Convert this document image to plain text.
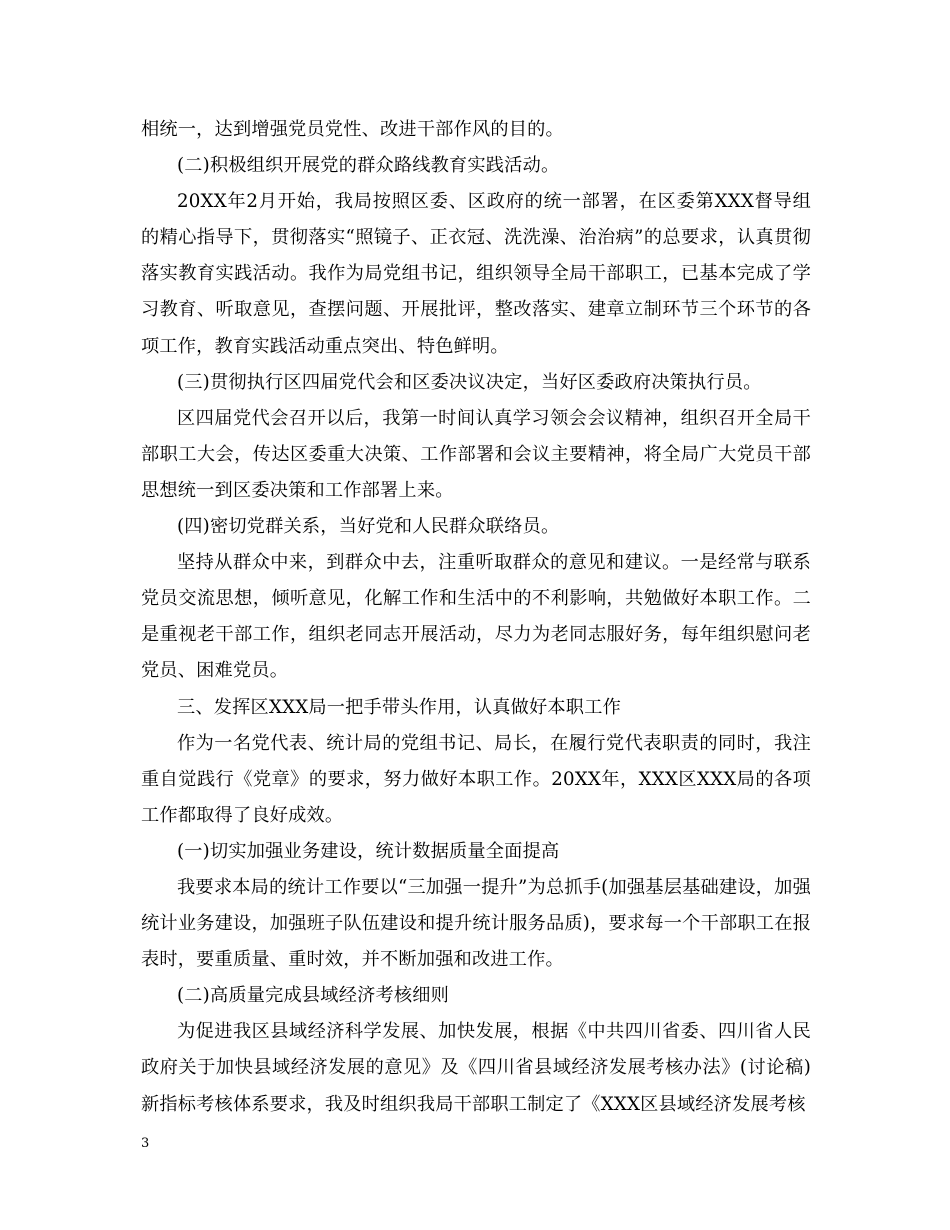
相统一，达到增强党员党性、改进干部作风的目的。

(二)积极组织开展党的群众路线教育实践活动。

20XX年2月开始，我局按照区委、区政府的统一部署，在区委第XXX督导组的精心指导下，贯彻落实“照镜子、正衣冠、洗洗澡、治治病”的总要求，认真贯彻落实教育实践活动。我作为局党组书记，组织领导全局干部职工，已基本完成了学习教育、听取意见，查摆问题、开展批评，整改落实、建章立制环节三个环节的各项工作，教育实践活动重点突出、特色鲜明。

(三)贯彻执行区四届党代会和区委决议决定，当好区委政府决策执行员。

区四届党代会召开以后，我第一时间认真学习领会会议精神，组织召开全局干部职工大会，传达区委重大决策、工作部署和会议主要精神，将全局广大党员干部思想统一到区委决策和工作部署上来。

(四)密切党群关系，当好党和人民群众联络员。

坚持从群众中来，到群众中去，注重听取群众的意见和建议。一是经常与联系党员交流思想，倾听意见，化解工作和生活中的不利影响，共勉做好本职工作。二是重视老干部工作，组织老同志开展活动，尽力为老同志服好务，每年组织慰问老党员、困难党员。

三、发挥区XXX局一把手带头作用，认真做好本职工作

作为一名党代表、统计局的党组书记、局长，在履行党代表职责的同时，我注重自觉践行《党章》的要求，努力做好本职工作。20XX年，XXX区XXX局的各项工作都取得了良好成效。

(一)切实加强业务建设，统计数据质量全面提高

我要求本局的统计工作要以“三加强一提升”为总抓手(加强基层基础建设，加强统计业务建设，加强班子队伍建设和提升统计服务品质)，要求每一个干部职工在报表时，要重质量、重时效，并不断加强和改进工作。

(二)高质量完成县域经济考核细则

为促进我区县域经济科学发展、加快发展，根据《中共四川省委、四川省人民政府关于加快县域经济发展的意见》及《四川省县域经济发展考核办法》(讨论稿)新指标考核体系要求，我及时组织我局干部职工制定了《XXX区县域经济发展考核

3
